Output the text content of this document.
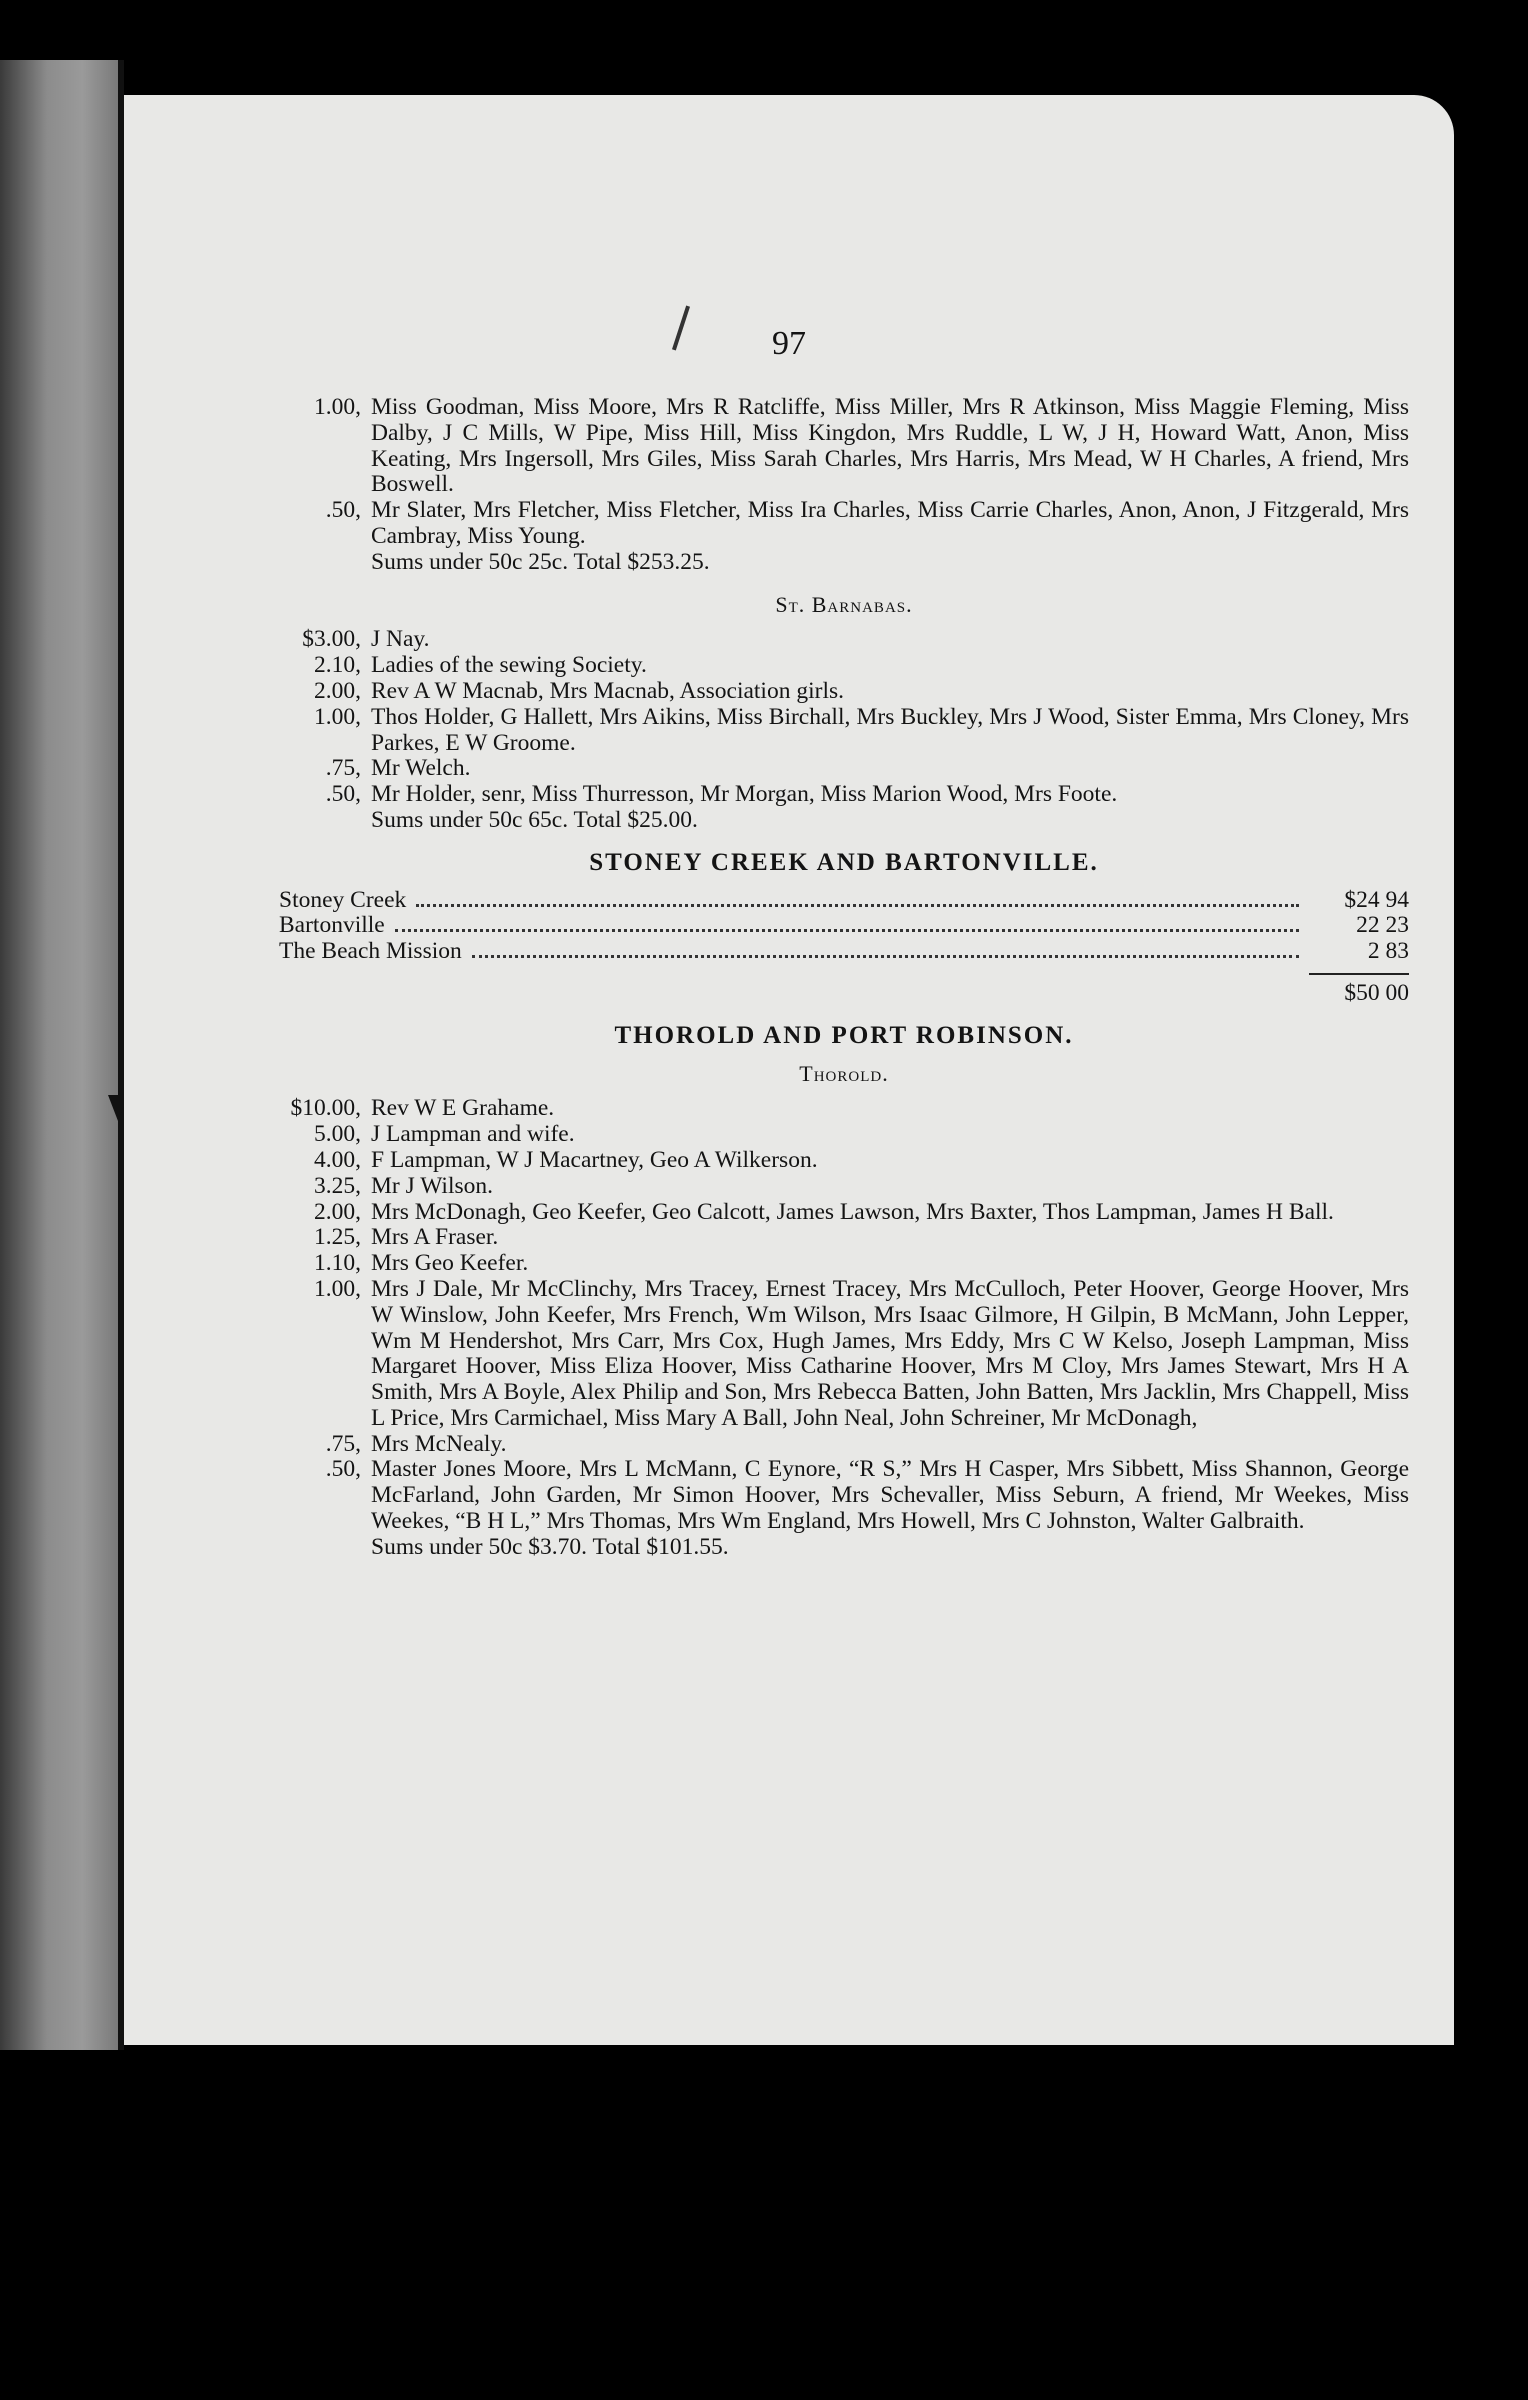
97
1.00, Miss Goodman, Miss Moore, Mrs R Ratcliffe, Miss Miller, Mrs R Atkinson, Miss Maggie Fleming, Miss Dalby, J C Mills, W Pipe, Miss Hill, Miss Kingdon, Mrs Ruddle, L W, J H, Howard Watt, Anon, Miss Keating, Mrs Ingersoll, Mrs Giles, Miss Sarah Charles, Mrs Harris, Mrs Mead, W H Charles, A friend, Mrs Boswell.
.50, Mr Slater, Mrs Fletcher, Miss Fletcher, Miss Ira Charles, Miss Carrie Charles, Anon, Anon, J Fitzgerald, Mrs Cambray, Miss Young.
Sums under 50c 25c. Total $253.25.
St. Barnabas.
$3.00, J Nay.
2.10, Ladies of the sewing Society.
2.00, Rev A W Macnab, Mrs Macnab, Association girls.
1.00, Thos Holder, G Hallett, Mrs Aikins, Miss Birchall, Mrs Buckley, Mrs J Wood, Sister Emma, Mrs Cloney, Mrs Parkes, E W Groome.
.75, Mr Welch.
.50, Mr Holder, senr, Miss Thurresson, Mr Morgan, Miss Marion Wood, Mrs Foote.
Sums under 50c 65c. Total $25.00.
STONEY CREEK AND BARTONVILLE.
Stoney Creek	$24 94
Bartonville	22 23
The Beach Mission	2 83
$50 00
THOROLD AND PORT ROBINSON.
Thorold.
$10.00, Rev W E Grahame.
5.00, J Lampman and wife.
4.00, F Lampman, W J Macartney, Geo A Wilkerson.
3.25, Mr J Wilson.
2.00, Mrs McDonagh, Geo Keefer, Geo Calcott, James Lawson, Mrs Baxter, Thos Lampman, James H Ball.
1.25, Mrs A Fraser.
1.10, Mrs Geo Keefer.
1.00, Mrs J Dale, Mr McClinchy, Mrs Tracey, Ernest Tracey, Mrs McCulloch, Peter Hoover, George Hoover, Mrs W Winslow, John Keefer, Mrs French, Wm Wilson, Mrs Isaac Gilmore, H Gilpin, B McMann, John Lepper, Wm M Hendershot, Mrs Carr, Mrs Cox, Hugh James, Mrs Eddy, Mrs C W Kelso, Joseph Lampman, Miss Margaret Hoover, Miss Eliza Hoover, Miss Catharine Hoover, Mrs M Cloy, Mrs James Stewart, Mrs H A Smith, Mrs A Boyle, Alex Philip and Son, Mrs Rebecca Batten, John Batten, Mrs Jacklin, Mrs Chappell, Miss L Price, Mrs Carmichael, Miss Mary A Ball, John Neal, John Schreiner, Mr McDonagh,
.75, Mrs McNealy.
.50, Master Jones Moore, Mrs L McMann, C Eynore, “R S,” Mrs H Casper, Mrs Sibbett, Miss Shannon, George McFarland, John Garden, Mr Simon Hoover, Mrs Schevaller, Miss Seburn, A friend, Mr Weekes, Miss Weekes, “B H L,” Mrs Thomas, Mrs Wm England, Mrs Howell, Mrs C Johnston, Walter Galbraith.
Sums under 50c $3.70. Total $101.55.
